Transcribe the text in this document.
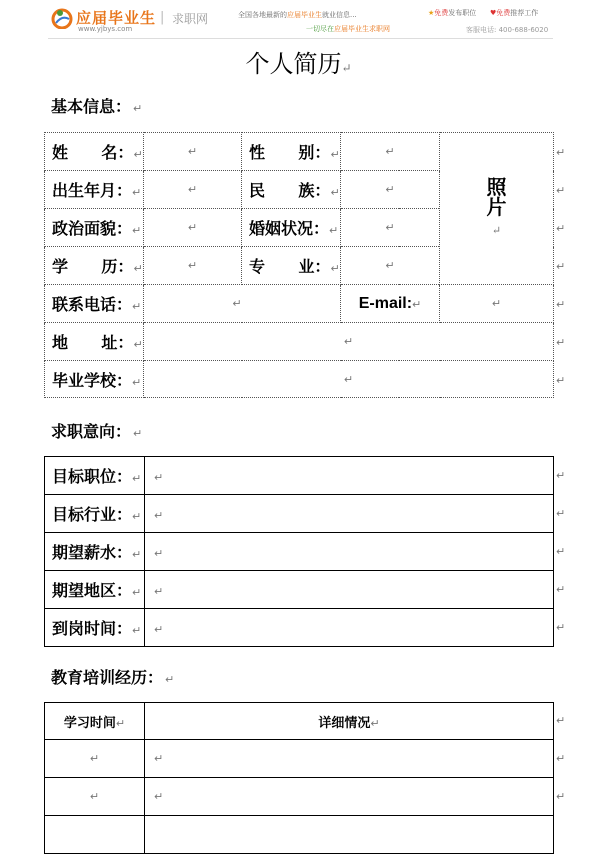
应届毕业生
www.yjbys.com
| 求职网	全国各地最新的应届毕业生就业信息...
一切尽在应届毕业生求职网
★免费发布职位 ♥免费推荐工作
客服电话: 400-688-6020
个人简历↵
基本信息： ↵
姓      名：↵	↵	性      别：↵	↵	照片
↵
出生年月：↵	↵	民      族：↵	↵	

政治面貌：↵	↵	婚姻状况：↵	↵	

学      历：↵	↵	专      业：↵	↵	

联系电话：↵	↵		E-mail:↵	↵

地      址：↵	↵			

毕业学校：↵	↵			
↵
↵
↵
↵
↵
↵
↵
求职意向： ↵
目标职位：↵	↵
目标行业：↵	↵
期望薪水：↵	↵
期望地区：↵	↵
到岗时间：↵	↵
↵
↵
↵
↵
↵
教育培训经历： ↵
学习时间↵	详细情况↵
↵	↵
↵	↵

↵
↵
↵
